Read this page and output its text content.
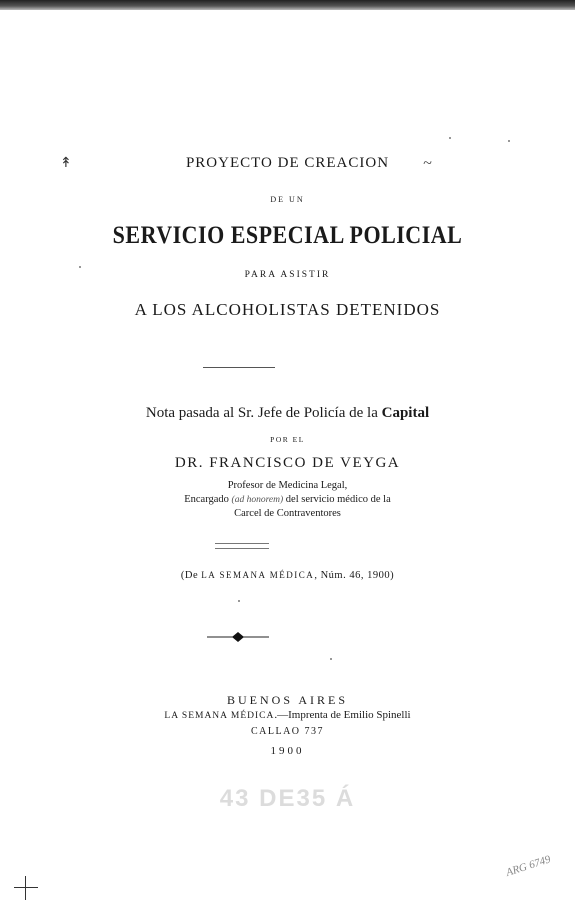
↟	~
PROYECTO DE CREACION
DE UN
SERVICIO ESPECIAL POLICIAL
PARA ASISTIR
A LOS ALCOHOLISTAS DETENIDOS
Nota pasada al Sr. Jefe de Policía de la Capital
POR EL
DR. FRANCISCO DE VEYGA
Profesor de Medicina Legal,
Encargado (ad honorem) del servicio médico de la
Carcel de Contraventores
(De LA SEMANA MÉDICA, Núm. 46, 1900)
BUENOS AIRES
LA SEMANA MÉDICA.—Imprenta de Emilio Spinelli
CALLAO 737
1900
43 DE35 Á
ARG 6749
